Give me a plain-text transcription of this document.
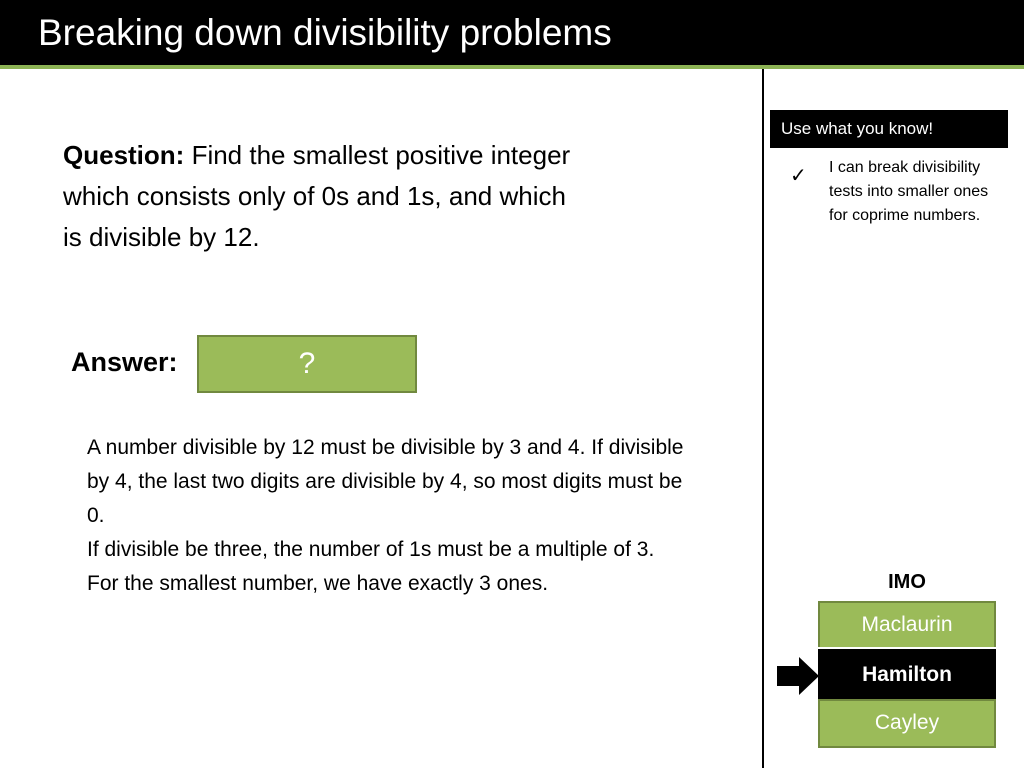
Breaking down divisibility problems
Question: Find the smallest positive integer which consists only of 0s and 1s, and which is divisible by 12.
Answer:	?

A number divisible by 12 must be divisible by 3 and 4. If divisible by 4, the last two digits are divisible by 4, so most digits must be 0.

If divisible be three, the number of 1s must be a multiple of 3. For the smallest number, we have exactly 3 ones.

Use what you know!
✓ I can break divisibility tests into smaller ones for coprime numbers.
IMO
Maclaurin
Hamilton
Cayley
